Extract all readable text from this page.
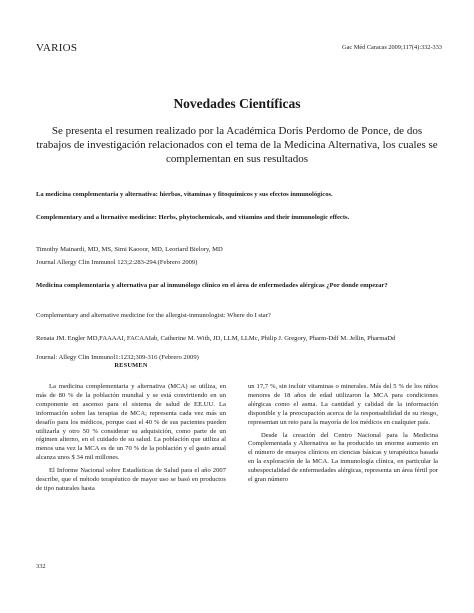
VARIOS	Gac Méd Caracas 2009;117(4):332-333
Novedades Científicas
Se presenta el resumen realizado por la Académica Doris Perdomo de Ponce, de dos trabajos de investigación relacionados con el tema de la Medicina Alternativa, los cuales se complementan en sus resultados
La medicina complementaria y alternativa: hierbas, vitaminas y fitoquímicos y sus efectos inmunológicos.
Complementary and a lternative medicine: Herbs, phytochemicals, and vitamins and their immunologic effects.
Timothy Mainardi, MD, MS, Simi Kaooor, MD, Leoriard Bielory, MD
Journal Allergy Clin Immunol 123;2:283-294.(Febrero 2009)
Medicina complementaria y alternativa par al inmunólogo clínico en el área de enfermedades alérgicas ¿Por donde empezar?
Complementary and alternative medicine for the allergist-inmunologist: Where do I star?
Renata JM. Engler MD,FAAAAI, FACAAIab, Catherine M. With, JD, LLM, LLMc, Philip J. Gregory, Pharm-Ddf M. Jellin, PharmaDd
Journal: Allegy Clin Immunol1:1232;309-316 (Febrero 2009)
RESUMEN

La medicina complementaria y alternativa (MCA) se utiliza, en más de 80 % de la población mundial y se está convirtiendo en un componente en ascenso para el sistema de salud de EE.UU. La información sobre las terapias de MCA; representa cada vez más un desafío para los médicos, porque casi el 40 % de sus pacientes pueden utilizarla y otro 50 % considerar su adquisición, como parte de un régimen alterno, en el cuidado de su salud. La población que utiliza al menos una vez la MCA es de un 70 % de la población y el gasto anual alcanza unos $ 34 mil millones.

El Informe Nacional sobre Estadísticas de Salud para el año 2007 describe, que el método terapéutico de mayor uso se basó en productos de tipo naturales hasta

un 17,7 %, sin incluir vitaminas o minerales. Más del 5 % de los niños menores de 18 años de edad utilizaron la MCA para condiciones alérgicas como el asma. La cantidad y calidad de la información disponible y la preocupación acerca de la responsabilidad de su riesgo, representan un reto para la mayoría de los médicos en cualquier país.

Desde la creación del Centro Nacional para la Medicina Complementada y Alternativa se ha producido un enorme aumento en el número de ensayos clínicos en ciencias básicas y terapéutica basada en la exploración de la MCA. La inmunología clínica, en particular la subespecialidad de enfermedades alérgicas, representa un área fértil por el gran número

332
